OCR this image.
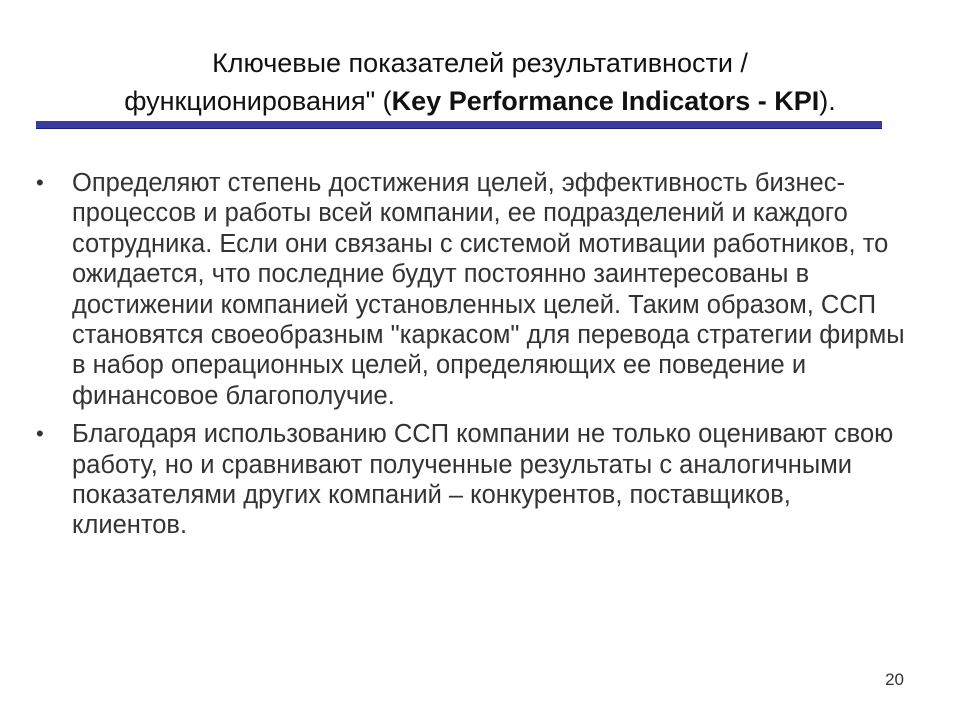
Ключевые показателей результативности /
функционирования" (Key Performance Indicators - KPI).
• Определяют степень достижения целей, эффективность бизнес-процессов и работы всей компании, ее подразделений и каждого сотрудника. Если они связаны с системой мотивации работников, то ожидается, что последние будут постоянно заинтересованы в достижении компанией установленных целей. Таким образом, ССП становятся своеобразным "каркасом" для перевода стратегии фирмы в набор операционных целей, определяющих ее поведение и финансовое благополучие.
• Благодаря использованию ССП компании не только оценивают свою работу, но и сравнивают полученные результаты с аналогичными показателями других компаний – конкурентов, поставщиков, клиентов.
20
